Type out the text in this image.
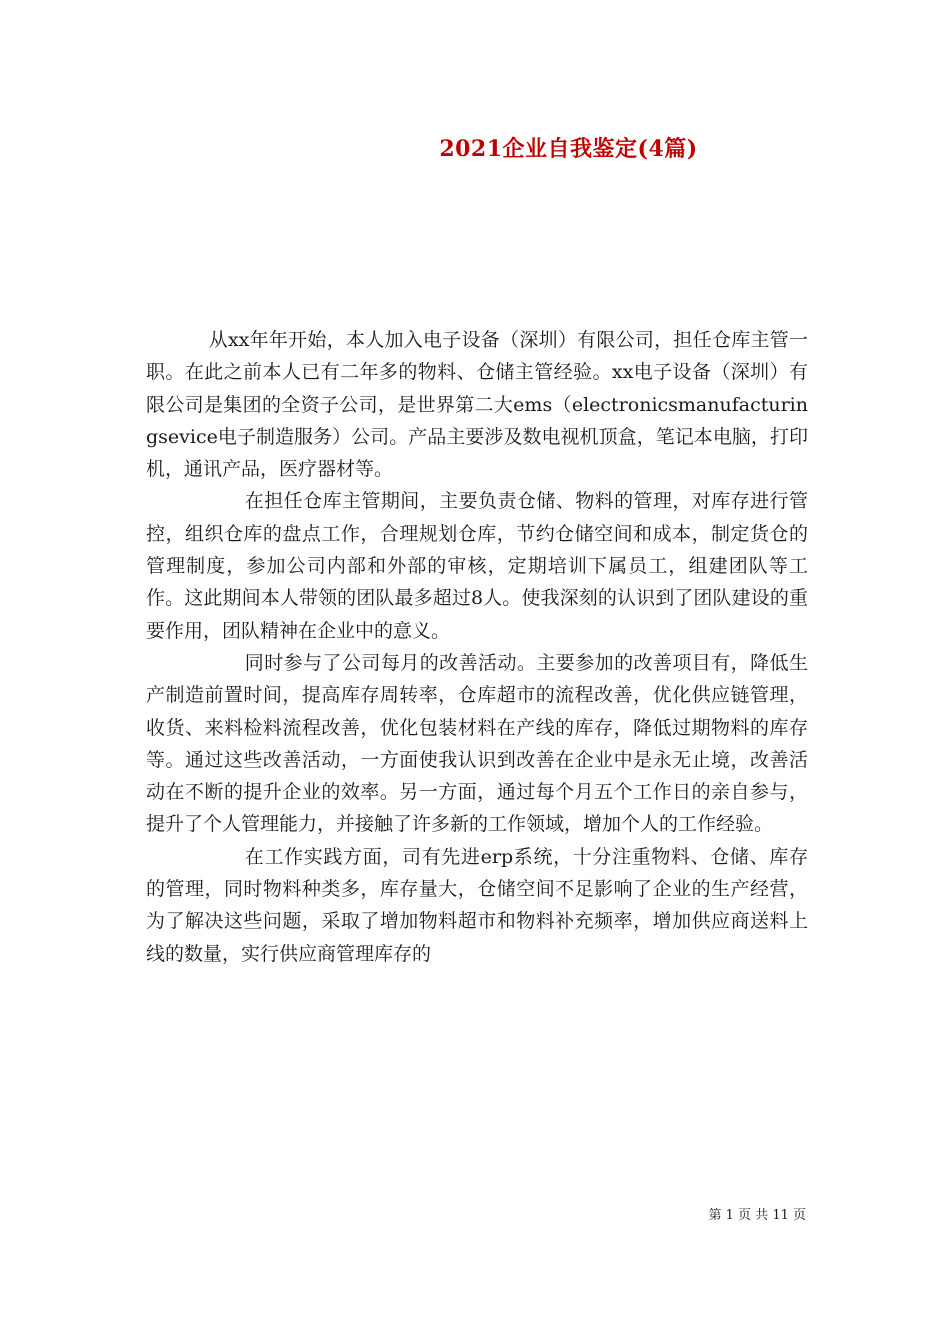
2021企业自我鉴定(4篇)

从xx年年开始，本人加入电子设备（深圳）有限公司，担任仓库主管一职。在此之前本人已有二年多的物料、仓储主管经验。xx电子设备（深圳）有限公司是集团的全资子公司，是世界第二大ems（electronicsmanufacturingsevice电子制造服务）公司。产品主要涉及数电视机顶盒，笔记本电脑，打印机，通讯产品，医疗器材等。

在担任仓库主管期间，主要负责仓储、物料的管理，对库存进行管控，组织仓库的盘点工作，合理规划仓库，节约仓储空间和成本，制定货仓的管理制度，参加公司内部和外部的审核，定期培训下属员工，组建团队等工作。这此期间本人带领的团队最多超过8人。使我深刻的认识到了团队建设的重要作用，团队精神在企业中的意义。

同时参与了公司每月的改善活动。主要参加的改善项目有，降低生产制造前置时间，提高库存周转率，仓库超市的流程改善，优化供应链管理，收货、来料检料流程改善，优化包装材料在产线的库存，降低过期物料的库存等。通过这些改善活动，一方面使我认识到改善在企业中是永无止境，改善活动在不断的提升企业的效率。另一方面，通过每个月五个工作日的亲自参与，提升了个人管理能力，并接触了许多新的工作领域，增加个人的工作经验。

在工作实践方面，司有先进erp系统，十分注重物料、仓储、库存的管理，同时物料种类多，库存量大，仓储空间不足影响了企业的生产经营，为了解决这些问题，采取了增加物料超市和物料补充频率，增加供应商送料上线的数量，实行供应商管理库存的

第 1 页 共 11 页
